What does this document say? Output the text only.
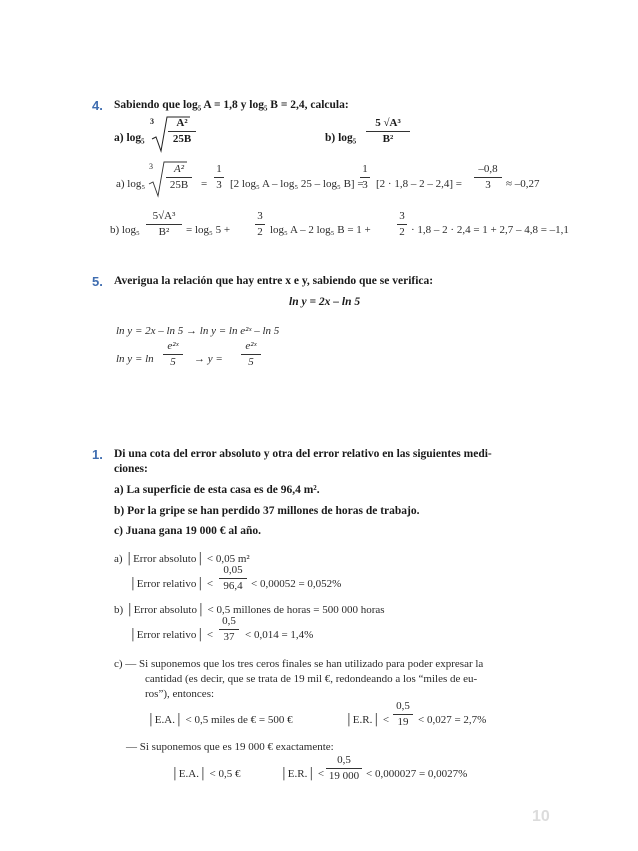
4. Sabiendo que log₅ A = 1,8 y log₅ B = 2,4, calcula:
a) log₅
3	A²
25B	b) log₅
5 √A³
B²
a) log₅
3	A²
25B	=
1
3 [2 log₅ A – log₅ 25 – log₅ B] =
1
3 [2 · 1,8 – 2 – 2,4] =
–0,8
3	≈ –0,27
b) log₅
5√A³
B²	= log₅ 5 +
3
2 log₅ A – 2 log₅ B = 1 +
3
2 · 1,8 – 2 · 2,4 = 1 + 2,7 – 4,8 = –1,1
5. Averigua la relación que hay entre x e y, sabiendo que se verifica:
ln y = 2x – ln 5
ln y = 2x – ln 5 → ln y = ln e²ˣ – ln 5
ln y = ln
e²ˣ
5	→ y =
e²ˣ
5
1. Di una cota del error absoluto y otra del error relativo en las siguientes medi-
ciones:
a) La superficie de esta casa es de 96,4 m².
b) Por la gripe se han perdido 37 millones de horas de trabajo.
c) Juana gana 19 000 € al año.
a) │Error absoluto│ < 0,05 m²
│Error relativo│ <
0,05
96,4 < 0,00052 = 0,052%
b) │Error absoluto│ < 0,5 millones de horas = 500 000 horas
│Error relativo│ <
0,5
37 < 0,014 = 1,4%
c) — Si suponemos que los tres ceros finales se han utilizado para poder expresar la
cantidad (es decir, que se trata de 19 mil €, redondeando a los “miles de eu-
ros”), entonces:
│E.A.│ < 0,5 miles de € = 500 €	│E.R.│ <
0,5
19 < 0,027 = 2,7%
— Si suponemos que es 19 000 € exactamente:
│E.A.│ < 0,5 €	│E.R.│ <
0,5
19 000 < 0,000027 = 0,0027%
10
